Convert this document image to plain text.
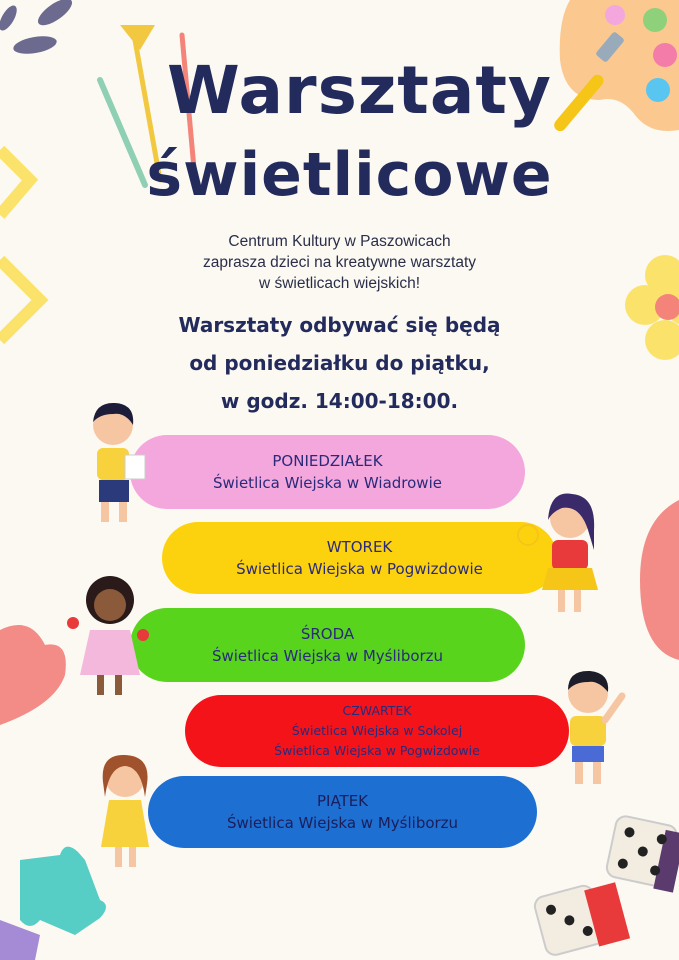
Warsztaty
świetlicowe
Centrum Kultury w Paszowicach
zaprasza dzieci na kreatywne warsztaty
w świetlicach wiejskich!
Warsztaty odbywać się będą
od poniedziałku do piątku,
w godz. 14:00-18:00.
PONIEDZIAŁEK
Świetlica Wiejska w Wiadrowie
WTOREK
Świetlica Wiejska w Pogwizdowie
ŚRODA
Świetlica Wiejska w Myśliborzu
CZWARTEK
Świetlica Wiejska w Sokolej
Świetlica Wiejska w Pogwizdowie
PIĄTEK
Świetlica Wiejska w Myśliborzu
